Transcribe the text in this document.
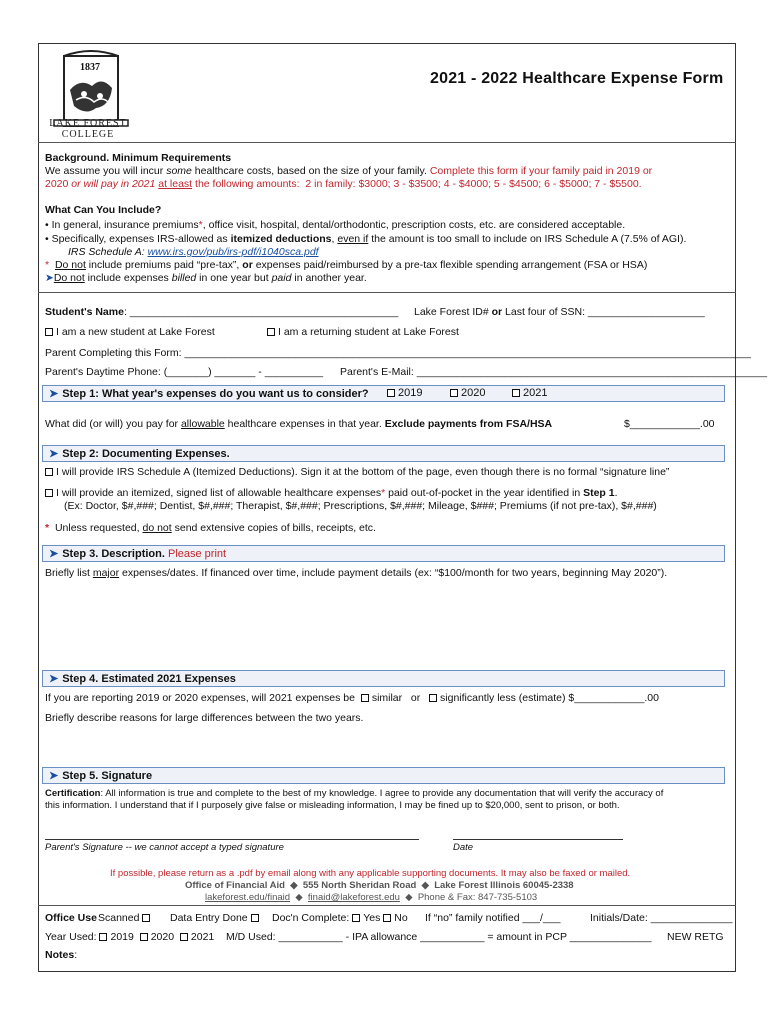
1837
LAKE FOREST
COLLEGE
2021 - 2022 Healthcare Expense Form
Background. Minimum Requirements
We assume you will incur some healthcare costs, based on the size of your family. Complete this form if your family paid in 2019 or
2020 or will pay in 2021 at least the following amounts: 2 in family: $3000; 3 - $3500; 4 - $4000; 5 - $4500; 6 - $5000; 7 - $5500.
What Can You Include?
• In general, insurance premiums*, office visit, hospital, dental/orthodontic, prescription costs, etc. are considered acceptable.
• Specifically, expenses IRS-allowed as itemized deductions, even if the amount is too small to include on IRS Schedule A (7.5% of AGI).
IRS Schedule A: www.irs.gov/pub/irs-pdf/i1040sca.pdf
* Do not include premiums paid “pre-tax”, or expenses paid/reimbursed by a pre-tax flexible spending arrangement (FSA or HSA)
➤Do not include expenses billed in one year but paid in another year.
Student's Name: ______________________________________________ Lake Forest ID# or Last four of SSN: ____________________
I am a new student at Lake Forest	I am a returning student at Lake Forest
Parent Completing this Form: _________________________________________________________________________________________________
Parent's Daytime Phone: (_______) _______ - __________ Parent's E-Mail: ____________________________________________________________
➤ Step 1: What year's expenses do you want us to consider?	2019	2020	2021
What did (or will) you pay for allowable healthcare expenses in that year. Exclude payments from FSA/HSA	$____________.00
➤ Step 2: Documenting Expenses.
I will provide IRS Schedule A (Itemized Deductions). Sign it at the bottom of the page, even though there is no formal “signature line”
I will provide an itemized, signed list of allowable healthcare expenses* paid out-of-pocket in the year identified in Step 1.
(Ex: Doctor, $#,###; Dentist, $#,###; Therapist, $#,###; Prescriptions, $#,###; Mileage, $###; Premiums (if not pre-tax), $#,###)
* Unless requested, do not send extensive copies of bills, receipts, etc.
➤ Step 3. Description. Please print
Briefly list major expenses/dates. If financed over time, include payment details (ex: “$100/month for two years, beginning May 2020”).
➤ Step 4. Estimated 2021 Expenses
If you are reporting 2019 or 2020 expenses, will 2021 expenses be similar or significantly less (estimate) $____________.00
Briefly describe reasons for large differences between the two years.
➤ Step 5. Signature
Certification: All information is true and complete to the best of my knowledge. I agree to provide any documentation that will verify the accuracy of
this information. I understand that if I purposely give false or misleading information, I may be fined up to $20,000, sent to prison, or both.
Parent's Signature -- we cannot accept a typed signature	Date
If possible, please return as a .pdf by email along with any applicable supporting documents. It may also be faxed or mailed.
Office of Financial Aid ◆ 555 North Sheridan Road ◆ Lake Forest Illinois 60045-2338
lakeforest.edu/finaid ◆ finaid@lakeforest.edu ◆ Phone & Fax: 847-735-5103
Office Use Scanned	Data Entry Done	Doc'n Complete: Yes No If “no” family notified ___/___	Initials/Date: ______________
Year Used: 2019 2020 2021 M/D Used: ___________ - IPA allowance ___________ = amount in PCP ______________ NEW RETG
Notes:
